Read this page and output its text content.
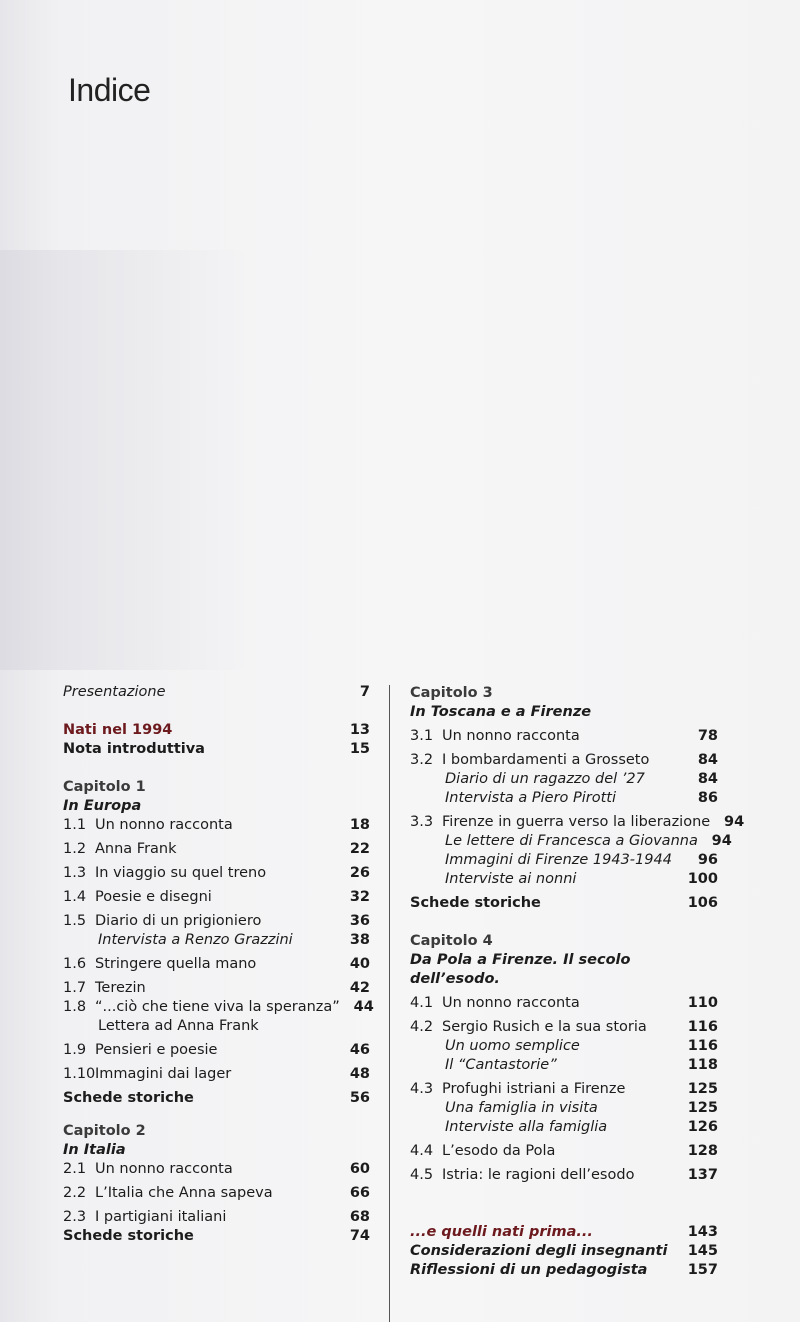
Indice
Presentazione	7
Nati nel 1994	13
Nota introduttiva	15
Capitolo 1
In Europa
1.1 Un nonno racconta	18
1.2 Anna Frank	22
1.3 In viaggio su quel treno	26
1.4 Poesie e disegni	32
1.5 Diario di un prigioniero	36
Intervista a Renzo Grazzini	38
1.6 Stringere quella mano	40
1.7 Terezin	42
1.8 “...ciò che tiene viva la speranza” 44
Lettera ad Anna Frank
1.9 Pensieri e poesie	46
1.10Immagini dai lager	48
Schede storiche	56
Capitolo 2
In Italia
2.1 Un nonno racconta	60
2.2 L’Italia che Anna sapeva	66
2.3 I partigiani italiani	68
Schede storiche	74
Capitolo 3
In Toscana e a Firenze
3.1 Un nonno racconta	78
3.2 I bombardamenti a Grosseto	84
Diario di un ragazzo del ’27	84
Intervista a Piero Pirotti	86
3.3 Firenze in guerra verso la liberazione 94
Le lettere di Francesca a Giovanna 94
Immagini di Firenze 1943-1944	96
Interviste ai nonni	100
Schede storiche	106
Capitolo 4
Da Pola a Firenze. Il secolo dell’esodo.
4.1 Un nonno racconta	110
4.2 Sergio Rusich e la sua storia	116
Un uomo semplice	116
Il “Cantastorie”	118
4.3 Profughi istriani a Firenze	125
Una famiglia in visita	125
Interviste alla famiglia	126
4.4 L’esodo da Pola	128
4.5 Istria: le ragioni dell’esodo	137
...e quelli nati prima...	143
Considerazioni degli insegnanti	145
Riflessioni di un pedagogista	157
